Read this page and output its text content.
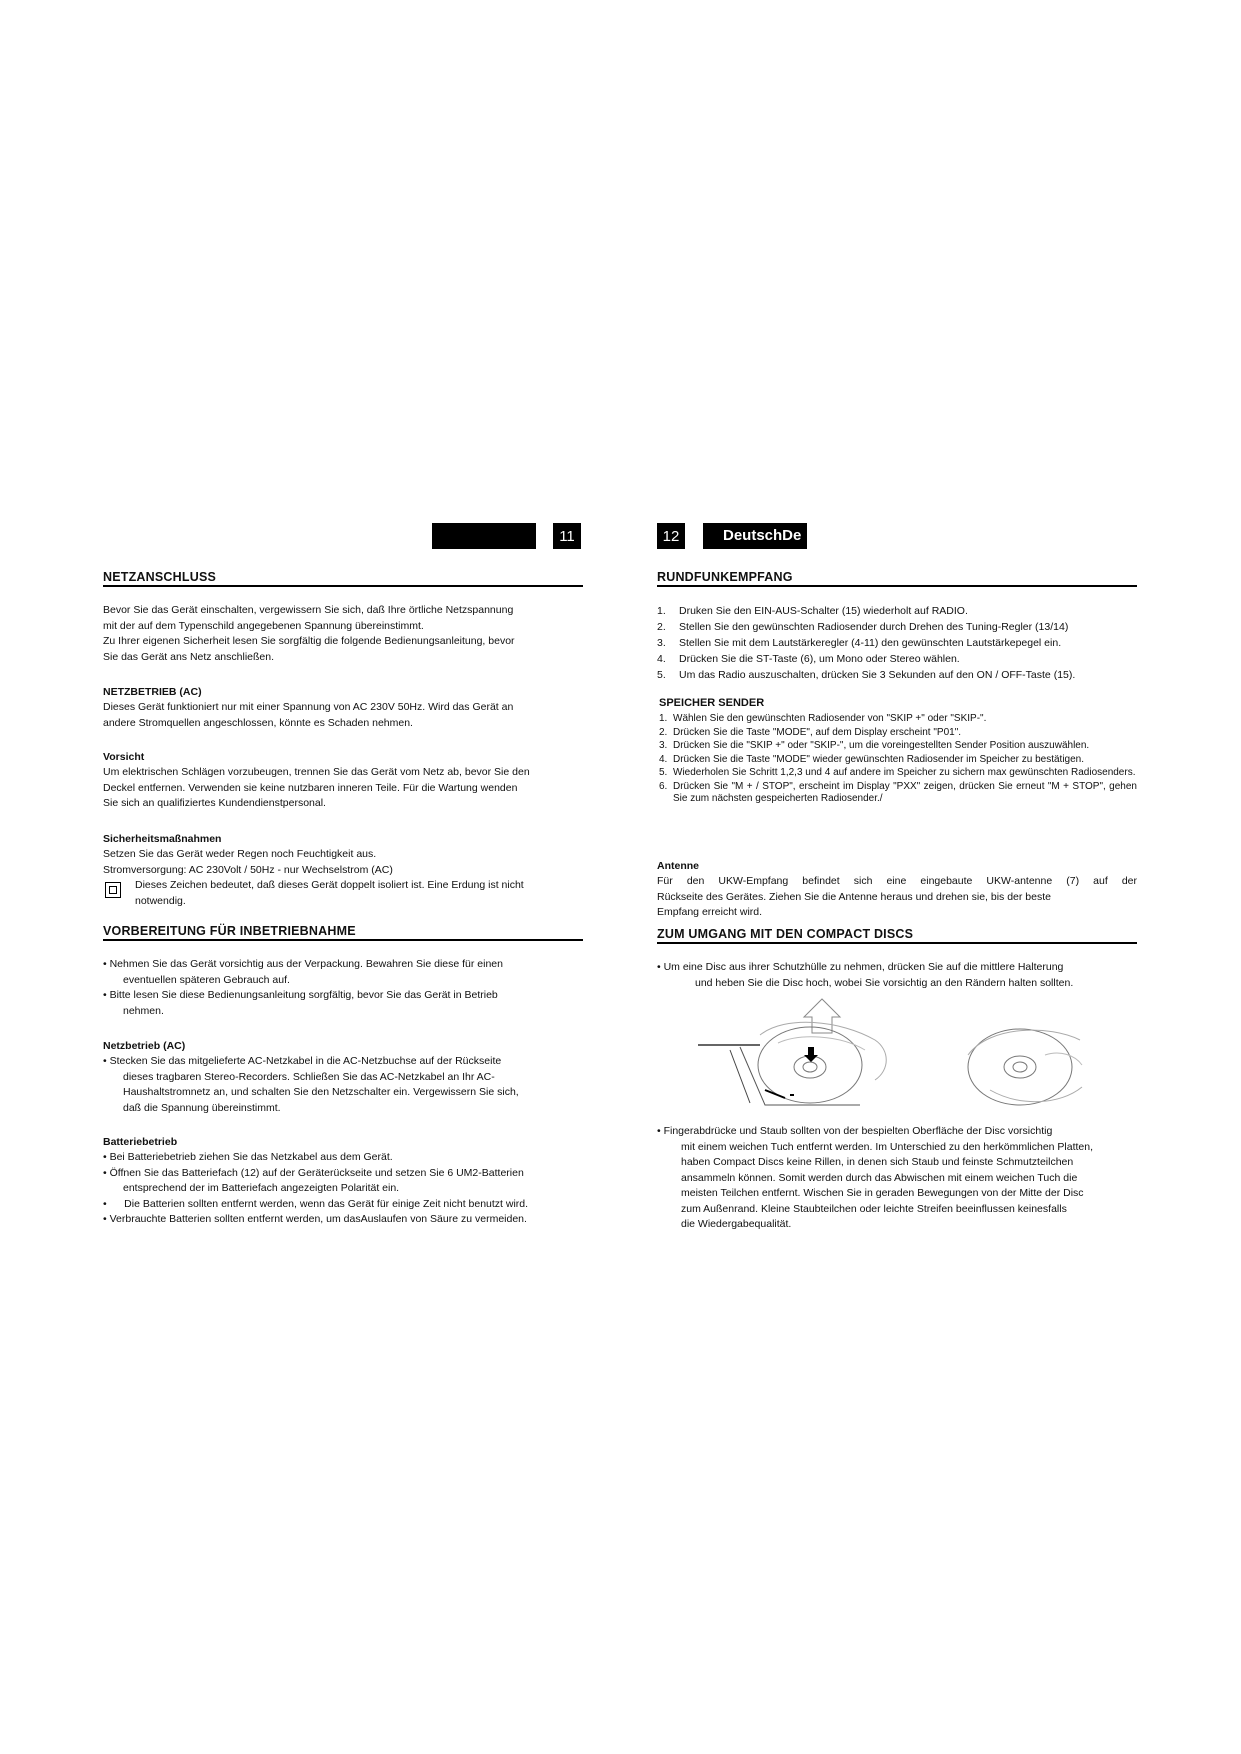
11	12	DeutschDe
NETZANSCHLUSS
Bevor Sie das Gerät einschalten, vergewissern Sie sich, daß Ihre örtliche Netzspannung
mit der auf dem Typenschild angegebenen Spannung übereinstimmt.
Zu Ihrer eigenen Sicherheit lesen Sie sorgfältig die folgende Bedienungsanleitung, bevor
Sie das Gerät ans Netz anschließen.
NETZBETRIEB (AC)
Dieses Gerät funktioniert nur mit einer Spannung von AC 230V 50Hz. Wird das Gerät an
andere Stromquellen angeschlossen, könnte es Schaden nehmen.
Vorsicht
Um elektrischen Schlägen vorzubeugen, trennen Sie das Gerät vom Netz ab, bevor Sie den
Deckel entfernen. Verwenden sie keine nutzbaren inneren Teile. Für die Wartung wenden
Sie sich an qualifiziertes Kundendienstpersonal.
Sicherheitsmaßnahmen
Setzen Sie das Gerät weder Regen noch Feuchtigkeit aus.
Stromversorgung: AC 230Volt / 50Hz - nur Wechselstrom (AC)
Dieses Zeichen bedeutet, daß dieses Gerät doppelt isoliert ist. Eine Erdung ist nicht
notwendig.
VORBEREITUNG FÜR INBETRIEBNAHME
• Nehmen Sie das Gerät vorsichtig aus der Verpackung. Bewahren Sie diese für einen
eventuellen späteren Gebrauch auf.
• Bitte lesen Sie diese Bedienungsanleitung sorgfältig, bevor Sie das Gerät in Betrieb
nehmen.
Netzbetrieb (AC)
• Stecken Sie das mitgelieferte AC-Netzkabel in die AC-Netzbuchse auf der Rückseite
dieses tragbaren Stereo-Recorders. Schließen Sie das AC-Netzkabel an Ihr AC-
Haushaltstromnetz an, und schalten Sie den Netzschalter ein. Vergewissern Sie sich,
daß die Spannung übereinstimmt.
Batteriebetrieb
• Bei Batteriebetrieb ziehen Sie das Netzkabel aus dem Gerät.
• Öffnen Sie das Batteriefach (12) auf der Geräterückseite und setzen Sie 6 UM2-Batterien
entsprechend der im Batteriefach angezeigten Polarität ein.
•      Die Batterien sollten entfernt werden, wenn das Gerät für einige Zeit nicht benutzt wird.
• Verbrauchte Batterien sollten entfernt werden, um dasAuslaufen von Säure zu vermeiden.
RUNDFUNKEMPFANG
1.	Druken Sie den EIN-AUS-Schalter (15) wiederholt auf RADIO.
2.	Stellen Sie den gewünschten Radiosender durch Drehen des Tuning-Regler (13/14)
3.	Stellen Sie mit dem Lautstärkeregler (4-11) den gewünschten Lautstärkepegel ein.
4.	Drücken Sie die ST-Taste (6), um Mono oder Stereo wählen.
5.	Um das Radio auszuschalten, drücken Sie 3 Sekunden auf den ON / OFF-Taste (15).
SPEICHER SENDER
1. Wählen Sie den gewünschten Radiosender von "SKIP +" oder "SKIP-".
2. Drücken Sie die Taste "MODE", auf dem Display erscheint "P01".
3. Drücken Sie die "SKIP +" oder "SKIP-", um die voreingestellten Sender Position auszuwählen.
4. Drücken Sie die Taste "MODE" wieder gewünschten Radiosender im Speicher zu bestätigen.
5. Wiederholen Sie Schritt 1,2,3 und 4 auf andere im Speicher zu sichern max gewünschten Radiosenders.
6. Drücken Sie "M + / STOP", erscheint im Display "PXX" zeigen, drücken Sie erneut "M + STOP", gehen Sie zum nächsten gespeicherten Radiosender./
Antenne
Für den UKW-Empfang befindet sich eine eingebaute UKW-antenne (7) auf der
Rückseite des Gerätes. Ziehen Sie die Antenne heraus und drehen sie, bis der beste
Empfang erreicht wird.
ZUM UMGANG MIT DEN COMPACT DISCS
• Um eine Disc aus ihrer Schutzhülle zu nehmen, drücken Sie auf die mittlere Halterung
und heben Sie die Disc hoch, wobei Sie vorsichtig an den Rändern halten sollten.
• Fingerabdrücke und Staub sollten von der bespielten Oberfläche der Disc vorsichtig
mit einem weichen Tuch entfernt werden. Im Unterschied zu den herkömmlichen Platten,
haben Compact Discs keine Rillen, in denen sich Staub und feinste Schmutzteilchen
ansammeln können. Somit werden durch das Abwischen mit einem weichen Tuch die
meisten Teilchen entfernt. Wischen Sie in geraden Bewegungen von der Mitte der Disc
zum Außenrand. Kleine Staubteilchen oder leichte Streifen beeinflussen keinesfalls
die Wiedergabequalität.
